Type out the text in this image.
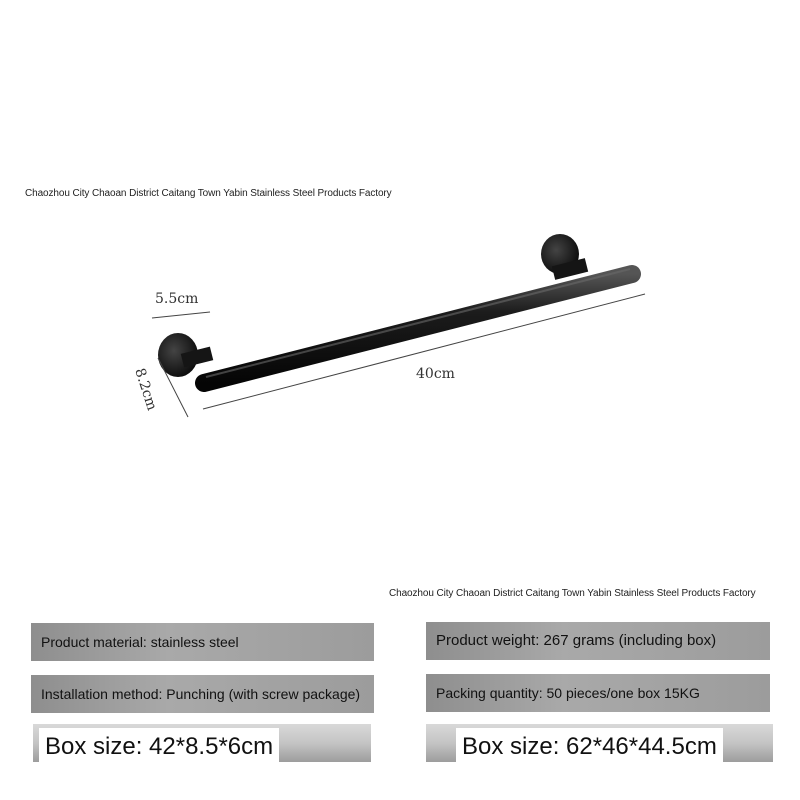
Chaozhou City Chaoan District Caitang Town Yabin Stainless Steel Products Factory
5.5cm
40cm
8.2cm
Chaozhou City Chaoan District Caitang Town Yabin Stainless Steel Products Factory
Product material: stainless steel	Product weight: 267 grams (including box)
Installation method: Punching (with screw package)	Packing quantity: 50 pieces/one box 15KG
Box size: 42*8.5*6cm	Box size: 62*46*44.5cm
